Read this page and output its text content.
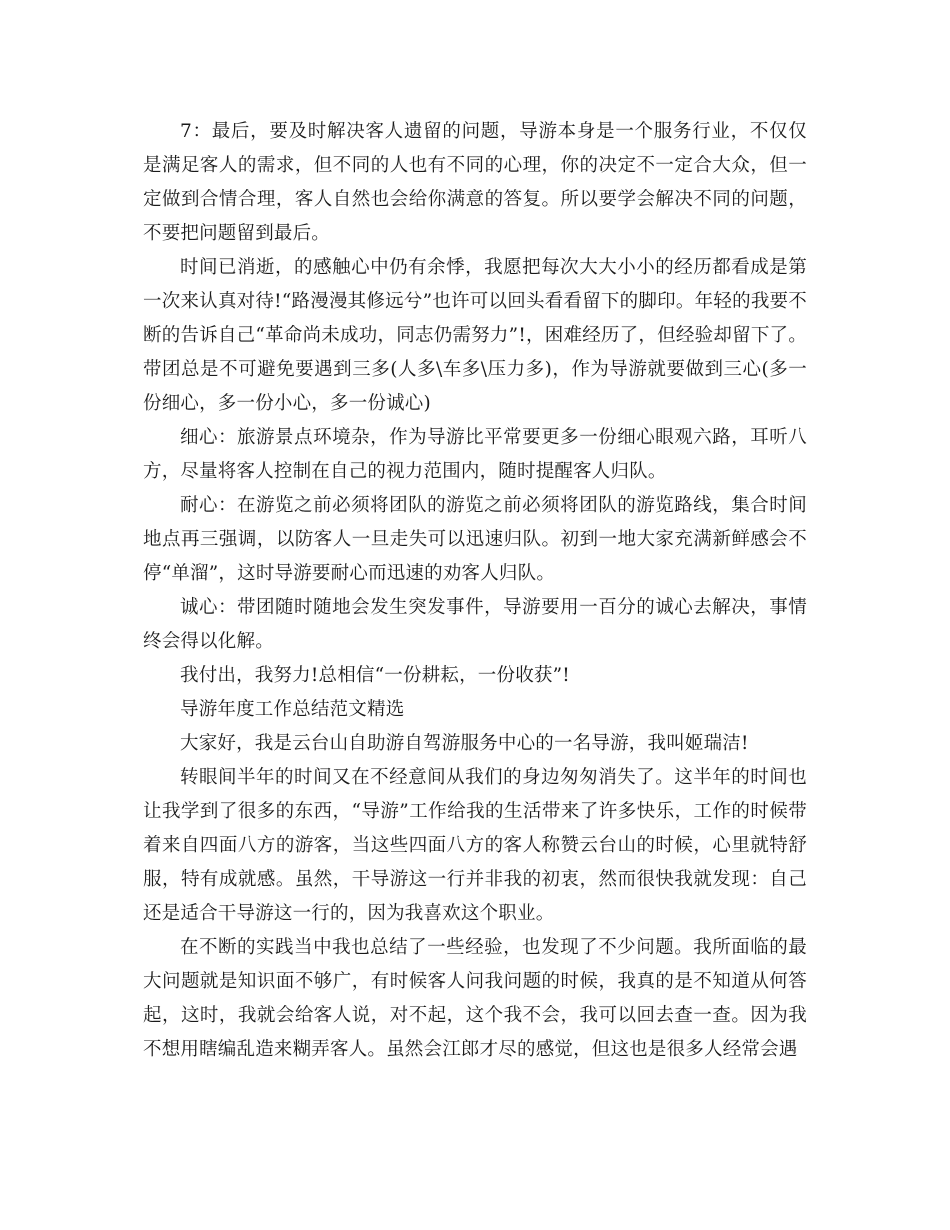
7：最后，要及时解决客人遗留的问题，导游本身是一个服务行业，不仅仅是满足客人的需求，但不同的人也有不同的心理，你的决定不一定合大众，但一定做到合情合理，客人自然也会给你满意的答复。所以要学会解决不同的问题，不要把问题留到最后。

时间已消逝，的感触心中仍有余悸，我愿把每次大大小小的经历都看成是第一次来认真对待!“路漫漫其修远兮”也许可以回头看看留下的脚印。年轻的我要不断的告诉自己“革命尚未成功，同志仍需努力”!，困难经历了，但经验却留下了。带团总是不可避免要遇到三多(人多\车多\压力多)，作为导游就要做到三心(多一份细心，多一份小心，多一份诚心)

细心：旅游景点环境杂，作为导游比平常要更多一份细心眼观六路，耳听八方，尽量将客人控制在自己的视力范围内，随时提醒客人归队。

耐心：在游览之前必须将团队的游览之前必须将团队的游览路线，集合时间地点再三强调，以防客人一旦走失可以迅速归队。初到一地大家充满新鲜感会不停“单溜”，这时导游要耐心而迅速的劝客人归队。

诚心：带团随时随地会发生突发事件，导游要用一百分的诚心去解决，事情终会得以化解。

我付出，我努力!总相信“一份耕耘，一份收获”!

导游年度工作总结范文精选

大家好，我是云台山自助游自驾游服务中心的一名导游，我叫姬瑞洁!

转眼间半年的时间又在不经意间从我们的身边匆匆消失了。这半年的时间也让我学到了很多的东西，“导游”工作给我的生活带来了许多快乐，工作的时候带着来自四面八方的游客，当这些四面八方的客人称赞云台山的时候，心里就特舒服，特有成就感。虽然，干导游这一行并非我的初衷，然而很快我就发现：自己还是适合干导游这一行的，因为我喜欢这个职业。

在不断的实践当中我也总结了一些经验，也发现了不少问题。我所面临的最大问题就是知识面不够广，有时候客人问我问题的时候，我真的是不知道从何答起，这时，我就会给客人说，对不起，这个我不会，我可以回去查一查。因为我不想用瞎编乱造来糊弄客人。虽然会江郎才尽的感觉，但这也是很多人经常会遇
